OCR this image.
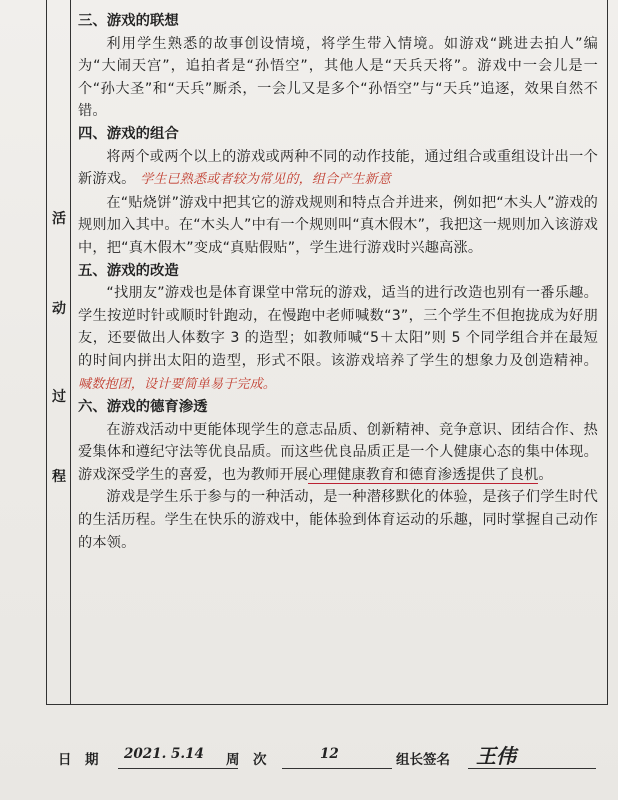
活
动
过
程

三、游戏的联想

利用学生熟悉的故事创设情境，将学生带入情境。如游戏“跳进去拍人”编为“大闹天宫”，追拍者是“孙悟空”，其他人是“天兵天将”。游戏中一会儿是一个“孙大圣”和“天兵”厮杀，一会儿又是多个“孙悟空”与“天兵”追逐，效果自然不错。

四、游戏的组合

将两个或两个以上的游戏或两种不同的动作技能，通过组合或重组设计出一个新游戏。 学生已熟悉或者较为常见的，组合产生新意

在“贴烧饼”游戏中把其它的游戏规则和特点合并进来，例如把“木头人”游戏的规则加入其中。在“木头人”中有一个规则叫“真木假木”，我把这一规则加入该游戏中，把“真木假木”变成“真贴假贴”，学生进行游戏时兴趣高涨。

五、游戏的改造

“找朋友”游戏也是体育课堂中常玩的游戏，适当的进行改造也别有一番乐趣。学生按逆时针或顺时针跑动，在慢跑中老师喊数“3”，三个学生不但抱拢成为好朋友，还要做出人体数字 3 的造型；如教师喊“5＋太阳”则 5 个同学组合并在最短的时间内拼出太阳的造型，形式不限。该游戏培养了学生的想象力及创造精神。 喊数抱团，设计要简单易于完成。

六、游戏的德育渗透

在游戏活动中更能体现学生的意志品质、创新精神、竞争意识、团结合作、热爱集体和遵纪守法等优良品质。而这些优良品质正是一个人健康心态的集中体现。游戏深受学生的喜爱，也为教师开展心理健康教育和德育渗透提供了良机。

游戏是学生乐于参与的一种活动，是一种潜移默化的体验，是孩子们学生时代的生活历程。学生在快乐的游戏中，能体验到体育运动的乐趣，同时掌握自己动作的本领。

日　期 2021. 5.14 周　次	12	组长签名 王伟
